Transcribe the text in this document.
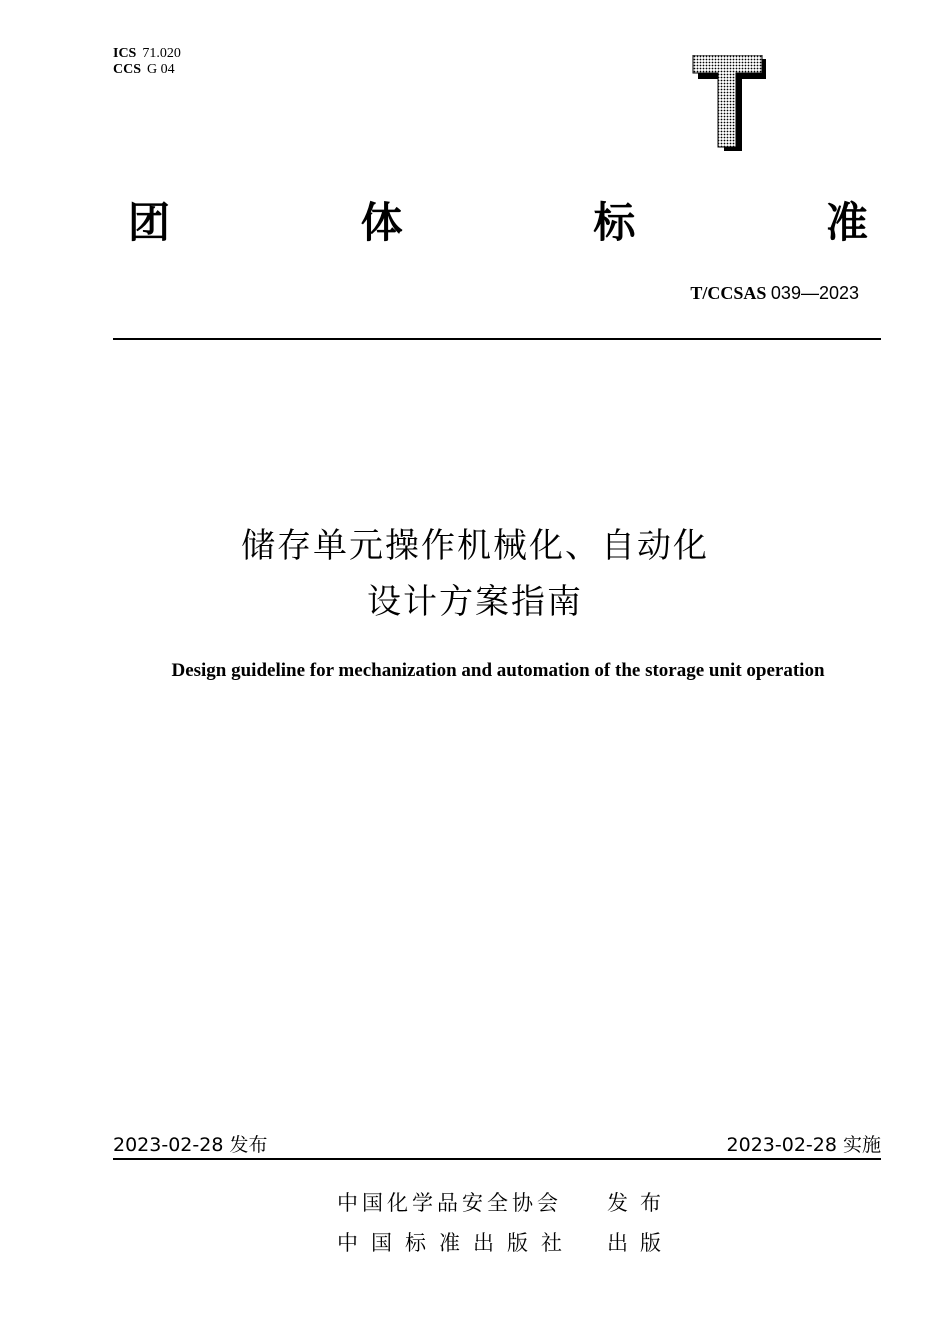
ICS 71.020
CCS G 04
团	体	标	准
T/CCSAS 039—2023
储存单元操作机械化、自动化
设计方案指南
Design guideline for mechanization and automation of the storage unit operation
2023-02-28 发布	2023-02-28 实施
中国化学品安全协会	发布
中国标准出版社	出版
